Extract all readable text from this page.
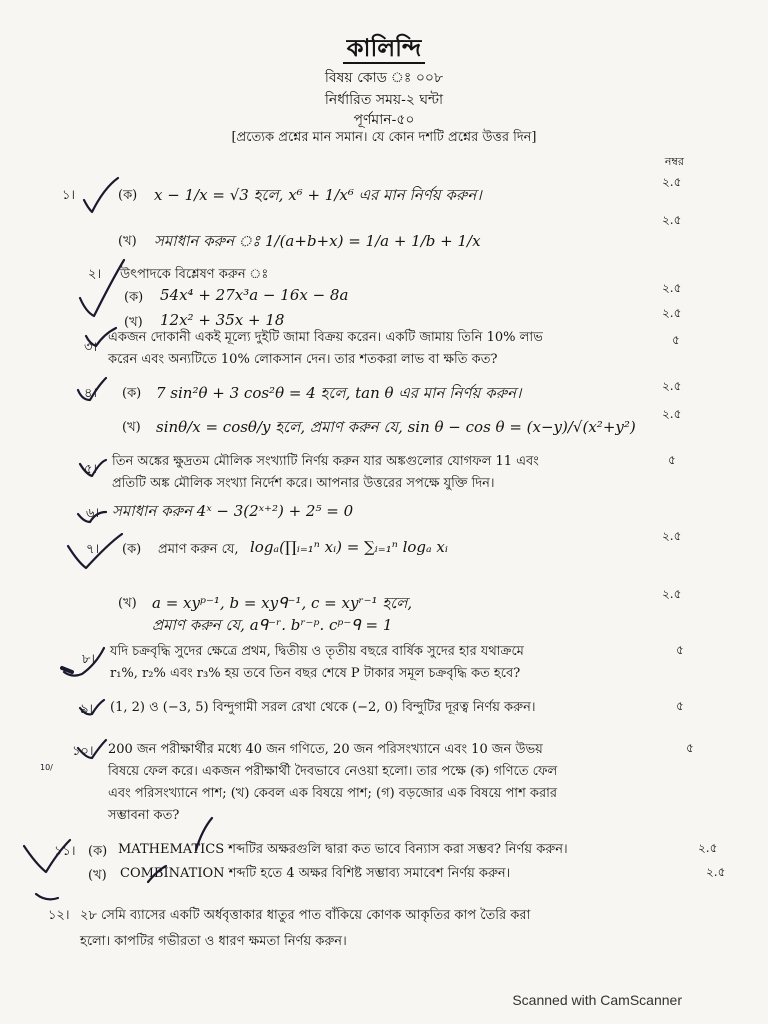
কালিন্দি
বিষয় কোড ঃ ০০৮
নির্ধারিত সময়-২ ঘন্টা
পূর্ণমান-৫০
[প্রত্যেক প্রশ্নের মান সমান। যে কোন দশটি প্রশ্নের উত্তর দিন]
নম্বর
১।	(ক) x − 1/x = √3 হলে, x⁶ + 1/x⁶ এর মান নির্ণয় করুন।
২.৫
(খ) সমাধান করুন ঃ 1/(a+b+x) = 1/a + 1/b + 1/x
২.৫
২। উৎপাদকে বিশ্লেষণ করুন ঃ
(ক) 54x⁴ + 27x³a − 16x − 8a	২.৫
(খ) 12x² + 35x + 18	২.৫
৩।
একজন দোকানী একই মূল্যে দুইটি জামা বিক্রয় করেন। একটি জামায় তিনি 10% লাভ
করেন এবং অন্যটিতে 10% লোকসান দেন। তার শতকরা লাভ বা ক্ষতি কত?
৫
৪। (ক) 7 sin²θ + 3 cos²θ = 4 হলে, tan θ এর মান নির্ণয় করুন।	২.৫
(খ) sinθ/x = cosθ/y হলে, প্রমাণ করুন যে, sin θ − cos θ = (x−y)/√(x²+y²)
২.৫
৫।
তিন অঙ্কের ক্ষুদ্রতম মৌলিক সংখ্যাটি নির্ণয় করুন যার অঙ্কগুলোর যোগফল 11 এবং
প্রতিটি অঙ্ক মৌলিক সংখ্যা নির্দেশ করে। আপনার উত্তরের সপক্ষে যুক্তি দিন।
৫
৬। সমাধান করুন 4ˣ − 3(2ˣ⁺²) + 2⁵ = 0
৭। (ক) প্রমাণ করুন যে, logₐ(∏ᵢ₌₁ⁿ xᵢ) = ∑ᵢ₌₁ⁿ logₐ xᵢ
২.৫
(খ) a = xyᵖ⁻¹, b = xyᑫ⁻¹, c = xyʳ⁻¹ হলে,
প্রমাণ করুন যে, aᑫ⁻ʳ. bʳ⁻ᵖ. cᵖ⁻ᑫ = 1
২.৫
৮।
যদি চক্রবৃদ্ধি সুদের ক্ষেত্রে প্রথম, দ্বিতীয় ও তৃতীয় বছরে বার্ষিক সুদের হার যথাক্রমে
r₁%, r₂% এবং r₃% হয় তবে তিন বছর শেষে P টাকার সমূল চক্রবৃদ্ধি কত হবে?
৫
৯। (1, 2) ও (−3, 5) বিন্দুগামী সরল রেখা থেকে (−2, 0) বিন্দুটির দূরত্ব নির্ণয় করুন।	৫
১০। 200 জন পরীক্ষার্থীর মধ্যে 40 জন গণিতে, 20 জন পরিসংখ্যানে এবং 10 জন উভয়
বিষয়ে ফেল করে। একজন পরীক্ষার্থী দৈবভাবে নেওয়া হলো। তার পক্ষে (ক) গণিতে ফেল
এবং পরিসংখ্যানে পাশ; (খ) কেবল এক বিষয়ে পাশ; (গ) বড়জোর এক বিষয়ে পাশ করার
সম্ভাবনা কত?
৫
১১। (ক) MATHEMATICS শব্দটির অক্ষরগুলি দ্বারা কত ভাবে বিন্যাস করা সম্ভব? নির্ণয় করুন।	২.৫
(খ) COMBINATION শব্দটি হতে 4 অক্ষর বিশিষ্ট সম্ভাব্য সমাবেশ নির্ণয় করুন।	২.৫
১২। ২৮ সেমি ব্যাসের একটি অর্ধবৃত্তাকার ধাতুর পাত বাঁকিয়ে কোণক আকৃতির কাপ তৈরি করা
হলো। কাপটির গভীরতা ও ধারণ ক্ষমতা নির্ণয় করুন।
10/
Scanned with CamScanner
